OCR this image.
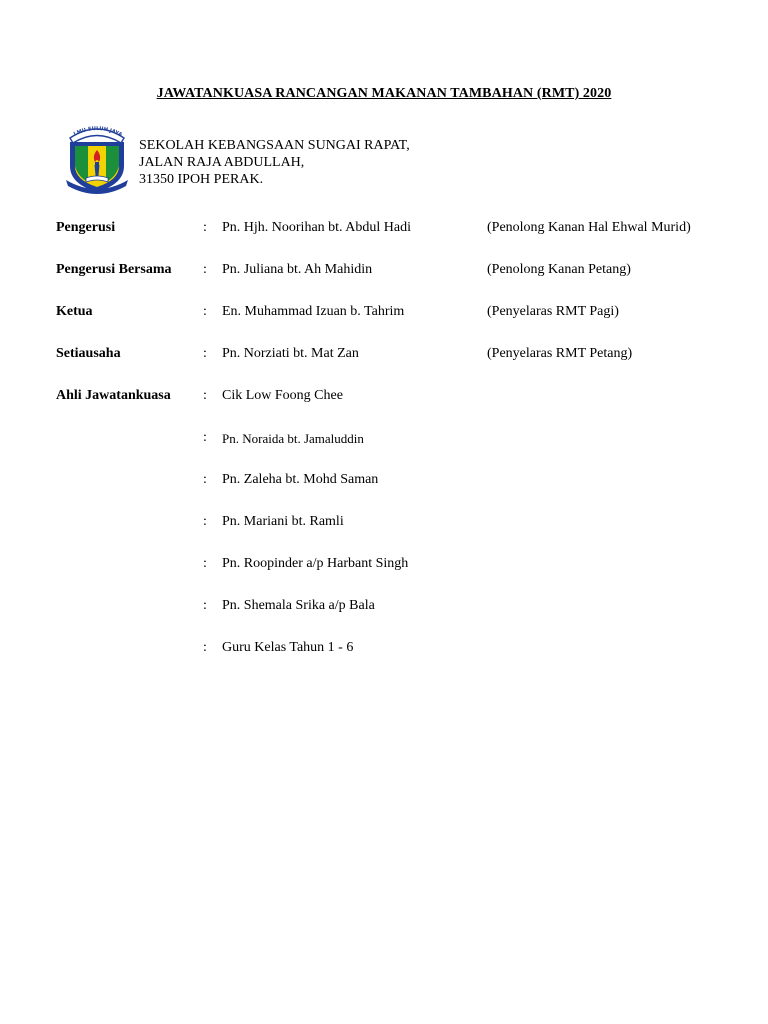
JAWATANKUASA RANCANGAN MAKANAN TAMBAHAN (RMT) 2020
LMU SULUH JAYA
SEKOLAH KEBANGSAAN SUNGAI RAPAT,
JALAN RAJA ABDULLAH,
31350 IPOH PERAK.
Pengerusi	: Pn. Hjh. Noorihan bt. Abdul Hadi	(Penolong Kanan Hal Ehwal Murid)
Pengerusi Bersama : Pn. Juliana bt. Ah Mahidin	(Penolong Kanan Petang)
Ketua	: En. Muhammad Izuan b. Tahrim	(Penyelaras RMT Pagi)
Setiausaha	: Pn. Norziati bt. Mat Zan	(Penyelaras RMT Petang)
Ahli Jawatankuasa : Cik Low Foong Chee
: Pn. Noraida bt. Jamaluddin
: Pn. Zaleha bt. Mohd Saman
: Pn. Mariani bt. Ramli
: Pn. Roopinder a/p Harbant Singh
: Pn. Shemala Srika a/p Bala
: Guru Kelas Tahun 1 - 6
